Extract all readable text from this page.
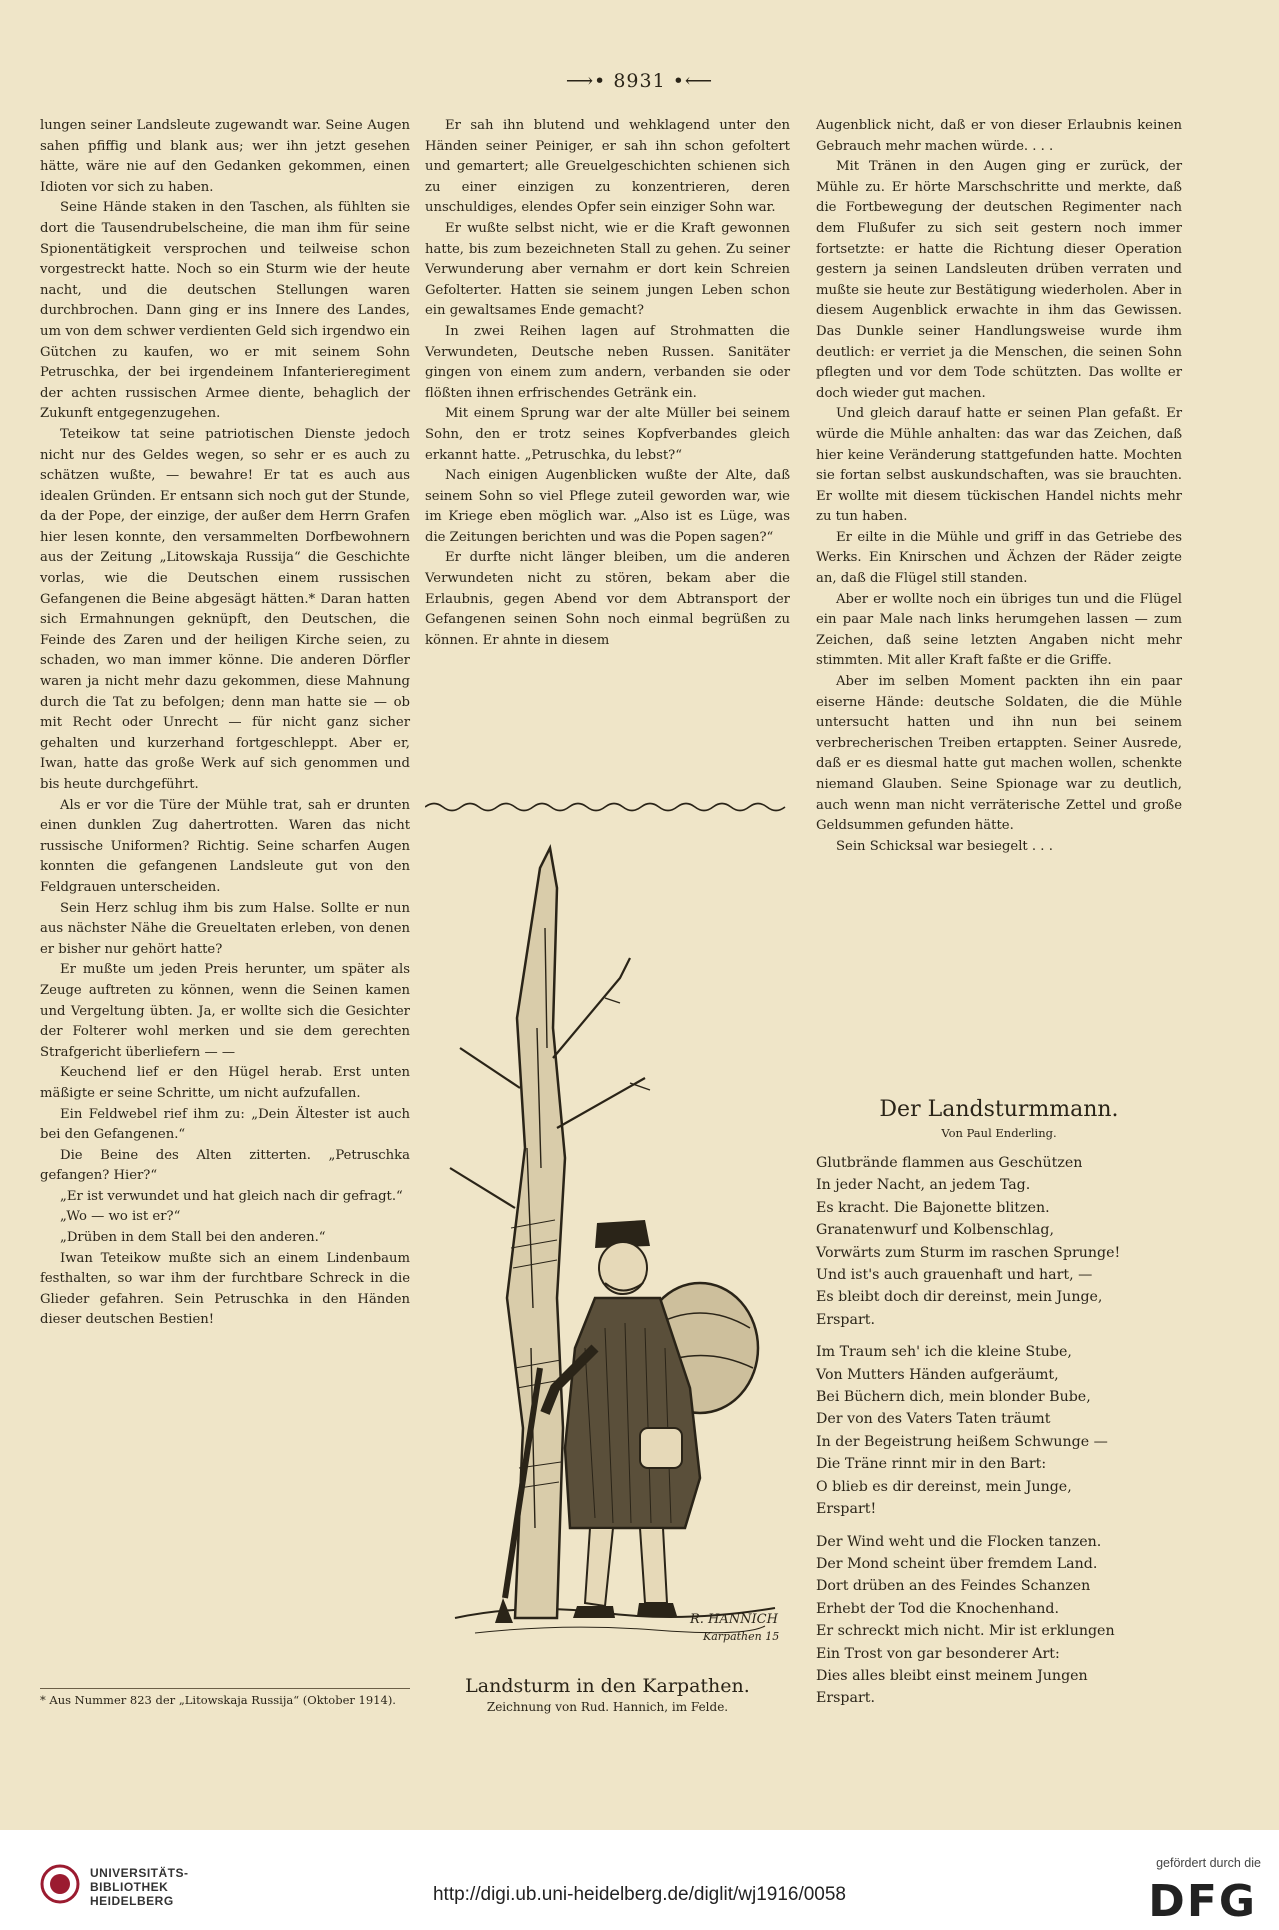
⟶• 8931 •⟵

lungen seiner Landsleute zugewandt war. Seine Augen sahen pfiffig und blank aus; wer ihn jetzt gesehen hätte, wäre nie auf den Gedanken gekommen, einen Idioten vor sich zu haben.

Seine Hände staken in den Taschen, als fühlten sie dort die Tausendrubelscheine, die man ihm für seine Spionentätigkeit versprochen und teilweise schon vorgestreckt hatte. Noch so ein Sturm wie der heute nacht, und die deutschen Stellungen waren durchbrochen. Dann ging er ins Innere des Landes, um von dem schwer verdienten Geld sich irgendwo ein Gütchen zu kaufen, wo er mit seinem Sohn Petruschka, der bei irgendeinem Infanterieregiment der achten russischen Armee diente, behaglich der Zukunft entgegenzugehen.

Teteikow tat seine patriotischen Dienste jedoch nicht nur des Geldes wegen, so sehr er es auch zu schätzen wußte, — bewahre! Er tat es auch aus idealen Gründen. Er entsann sich noch gut der Stunde, da der Pope, der einzige, der außer dem Herrn Grafen hier lesen konnte, den versammelten Dorfbewohnern aus der Zeitung „Litowskaja Russija“ die Geschichte vorlas, wie die Deutschen einem russischen Gefangenen die Beine abgesägt hätten.* Daran hatten sich Ermahnungen geknüpft, den Deutschen, die Feinde des Zaren und der heiligen Kirche seien, zu schaden, wo man immer könne. Die anderen Dörfler waren ja nicht mehr dazu gekommen, diese Mahnung durch die Tat zu befolgen; denn man hatte sie — ob mit Recht oder Unrecht — für nicht ganz sicher gehalten und kurzerhand fortgeschleppt. Aber er, Iwan, hatte das große Werk auf sich genommen und bis heute durchgeführt.

Als er vor die Türe der Mühle trat, sah er drunten einen dunklen Zug dahertrotten. Waren das nicht russische Uniformen? Richtig. Seine scharfen Augen konnten die gefangenen Landsleute gut von den Feldgrauen unterscheiden.

Sein Herz schlug ihm bis zum Halse. Sollte er nun aus nächster Nähe die Greueltaten erleben, von denen er bisher nur gehört hatte?

Er mußte um jeden Preis herunter, um später als Zeuge auftreten zu können, wenn die Seinen kamen und Vergeltung übten. Ja, er wollte sich die Gesichter der Folterer wohl merken und sie dem gerechten Strafgericht überliefern — —

Keuchend lief er den Hügel herab. Erst unten mäßigte er seine Schritte, um nicht aufzufallen.

Ein Feldwebel rief ihm zu: „Dein Ältester ist auch bei den Gefangenen.“

Die Beine des Alten zitterten. „Petruschka gefangen? Hier?“

„Er ist verwundet und hat gleich nach dir gefragt.“

„Wo — wo ist er?“

„Drüben in dem Stall bei den anderen.“

Iwan Teteikow mußte sich an einem Lindenbaum festhalten, so war ihm der furchtbare Schreck in die Glieder gefahren. Sein Petruschka in den Händen dieser deutschen Bestien!

* Aus Nummer 823 der „Litowskaja Russija“ (Oktober 1914).

Er sah ihn blutend und wehklagend unter den Händen seiner Peiniger, er sah ihn schon gefoltert und gemartert; alle Greuelgeschichten schienen sich zu einer einzigen zu konzentrieren, deren unschuldiges, elendes Opfer sein einziger Sohn war.

Er wußte selbst nicht, wie er die Kraft gewonnen hatte, bis zum bezeichneten Stall zu gehen. Zu seiner Verwunderung aber vernahm er dort kein Schreien Gefolterter. Hatten sie seinem jungen Leben schon ein gewaltsames Ende gemacht?

In zwei Reihen lagen auf Strohmatten die Verwundeten, Deutsche neben Russen. Sanitäter gingen von einem zum andern, verbanden sie oder flößten ihnen erfrischendes Getränk ein.

Mit einem Sprung war der alte Müller bei seinem Sohn, den er trotz seines Kopfverbandes gleich erkannt hatte. „Petruschka, du lebst?“

Nach einigen Augenblicken wußte der Alte, daß seinem Sohn so viel Pflege zuteil geworden war, wie im Kriege eben möglich war. „Also ist es Lüge, was die Zeitungen berichten und was die Popen sagen?“

Er durfte nicht länger bleiben, um die anderen Verwundeten nicht zu stören, bekam aber die Erlaubnis, gegen Abend vor dem Abtransport der Gefangenen seinen Sohn noch einmal begrüßen zu können. Er ahnte in diesem

R. HANNICH
Karpathen 15
Landsturm in den Karpathen.
Zeichnung von Rud. Hannich, im Felde.

Augenblick nicht, daß er von dieser Erlaubnis keinen Gebrauch mehr machen würde. . . .

Mit Tränen in den Augen ging er zurück, der Mühle zu. Er hörte Marschschritte und merkte, daß die Fortbewegung der deutschen Regimenter nach dem Flußufer zu sich seit gestern noch immer fortsetzte: er hatte die Richtung dieser Operation gestern ja seinen Landsleuten drüben verraten und mußte sie heute zur Bestätigung wiederholen. Aber in diesem Augenblick erwachte in ihm das Gewissen. Das Dunkle seiner Handlungsweise wurde ihm deutlich: er verriet ja die Menschen, die seinen Sohn pflegten und vor dem Tode schützten. Das wollte er doch wieder gut machen.

Und gleich darauf hatte er seinen Plan gefaßt. Er würde die Mühle anhalten: das war das Zeichen, daß hier keine Veränderung stattgefunden hatte. Mochten sie fortan selbst auskundschaften, was sie brauchten. Er wollte mit diesem tückischen Handel nichts mehr zu tun haben.

Er eilte in die Mühle und griff in das Getriebe des Werks. Ein Knirschen und Ächzen der Räder zeigte an, daß die Flügel still standen.

Aber er wollte noch ein übriges tun und die Flügel ein paar Male nach links herumgehen lassen — zum Zeichen, daß seine letzten Angaben nicht mehr stimmten. Mit aller Kraft faßte er die Griffe.

Aber im selben Moment packten ihn ein paar eiserne Hände: deutsche Soldaten, die die Mühle untersucht hatten und ihn nun bei seinem verbrecherischen Treiben ertappten. Seiner Ausrede, daß er es diesmal hatte gut machen wollen, schenkte niemand Glauben. Seine Spionage war zu deutlich, auch wenn man nicht verräterische Zettel und große Geldsummen gefunden hätte.

Sein Schicksal war besiegelt . . .

Der Landsturmmann.
Von Paul Enderling.
Glutbrände flammen aus Geschützen
In jeder Nacht, an jedem Tag.
Es kracht. Die Bajonette blitzen.
Granatenwurf und Kolbenschlag,
Vorwärts zum Sturm im raschen Sprunge!
Und ist's auch grauenhaft und hart, —
Es bleibt doch dir dereinst, mein Junge,
Erspart.
Im Traum seh' ich die kleine Stube,
Von Mutters Händen aufgeräumt,
Bei Büchern dich, mein blonder Bube,
Der von des Vaters Taten träumt
In der Begeistrung heißem Schwunge —
Die Träne rinnt mir in den Bart:
O blieb es dir dereinst, mein Junge,
Erspart!
Der Wind weht und die Flocken tanzen.
Der Mond scheint über fremdem Land.
Dort drüben an des Feindes Schanzen
Erhebt der Tod die Knochenhand.
Er schreckt mich nicht. Mir ist erklungen
Ein Trost von gar besonderer Art:
Dies alles bleibt einst meinem Jungen
Erspart.
UNIVERSITÄTS-
BIBLIOTHEK
HEIDELBERG	http://digi.ub.uni-heidelberg.de/diglit/wj1916/0058
gefördert durch die
DFG
